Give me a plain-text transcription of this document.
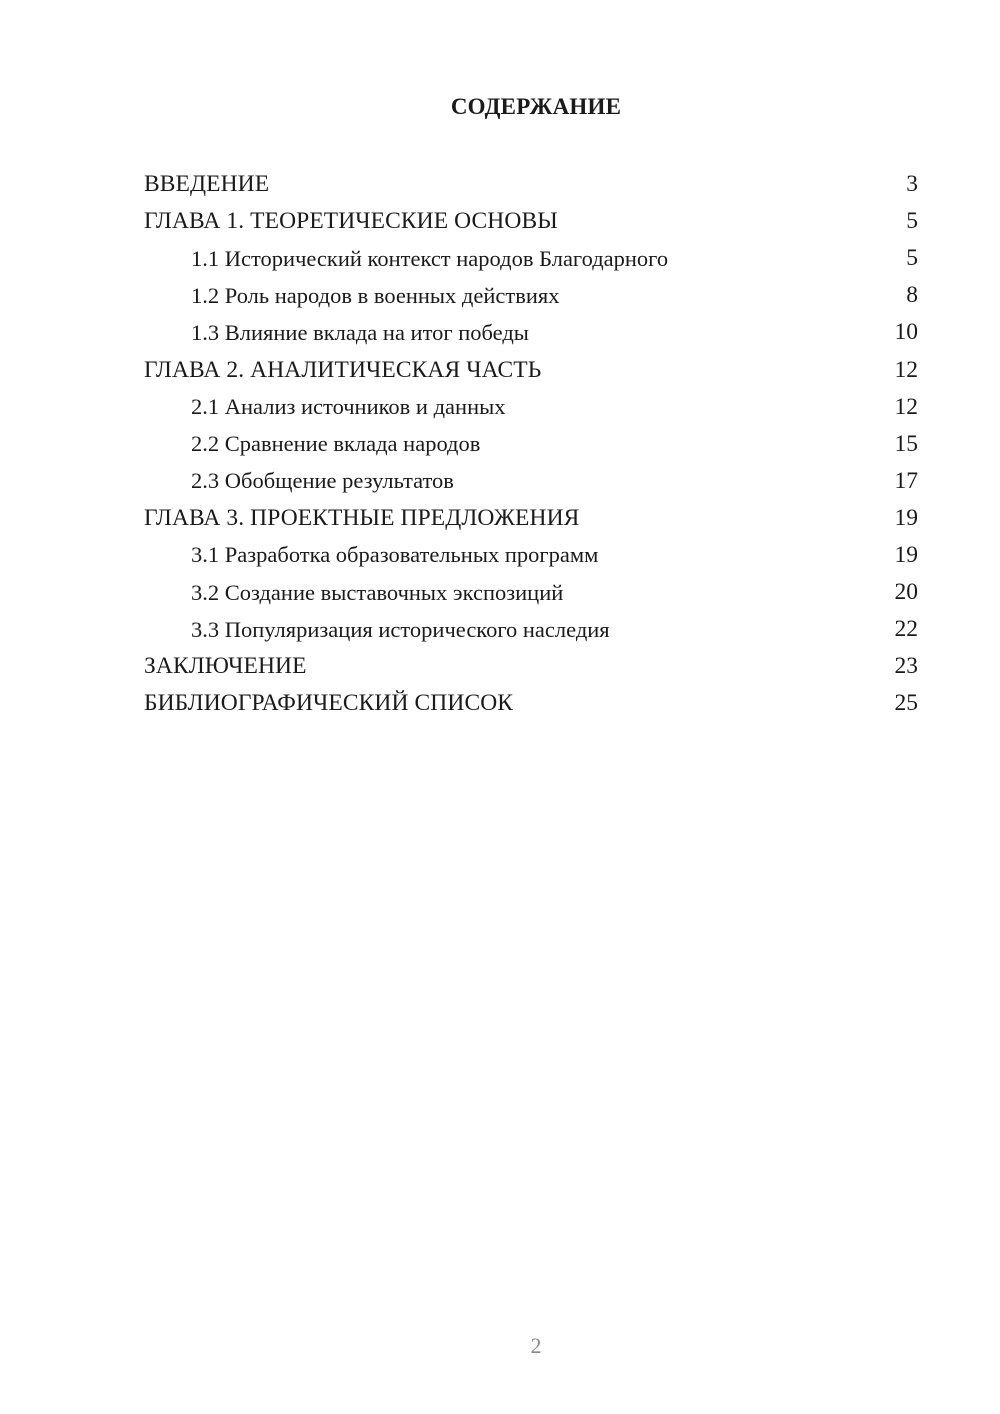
СОДЕРЖАНИЕ
ВВЕДЕНИЕ	3
ГЛАВА 1. ТЕОРЕТИЧЕСКИЕ ОСНОВЫ	5
1.1 Исторический контекст народов Благодарного	5
1.2 Роль народов в военных действиях	8
1.3 Влияние вклада на итог победы	10
ГЛАВА 2. АНАЛИТИЧЕСКАЯ ЧАСТЬ	12
2.1 Анализ источников и данных	12
2.2 Сравнение вклада народов	15
2.3 Обобщение результатов	17
ГЛАВА 3. ПРОЕКТНЫЕ ПРЕДЛОЖЕНИЯ	19
3.1 Разработка образовательных программ	19
3.2 Создание выставочных экспозиций	20
3.3 Популяризация исторического наследия	22
ЗАКЛЮЧЕНИЕ	23
БИБЛИОГРАФИЧЕСКИЙ СПИСОК	25
2
